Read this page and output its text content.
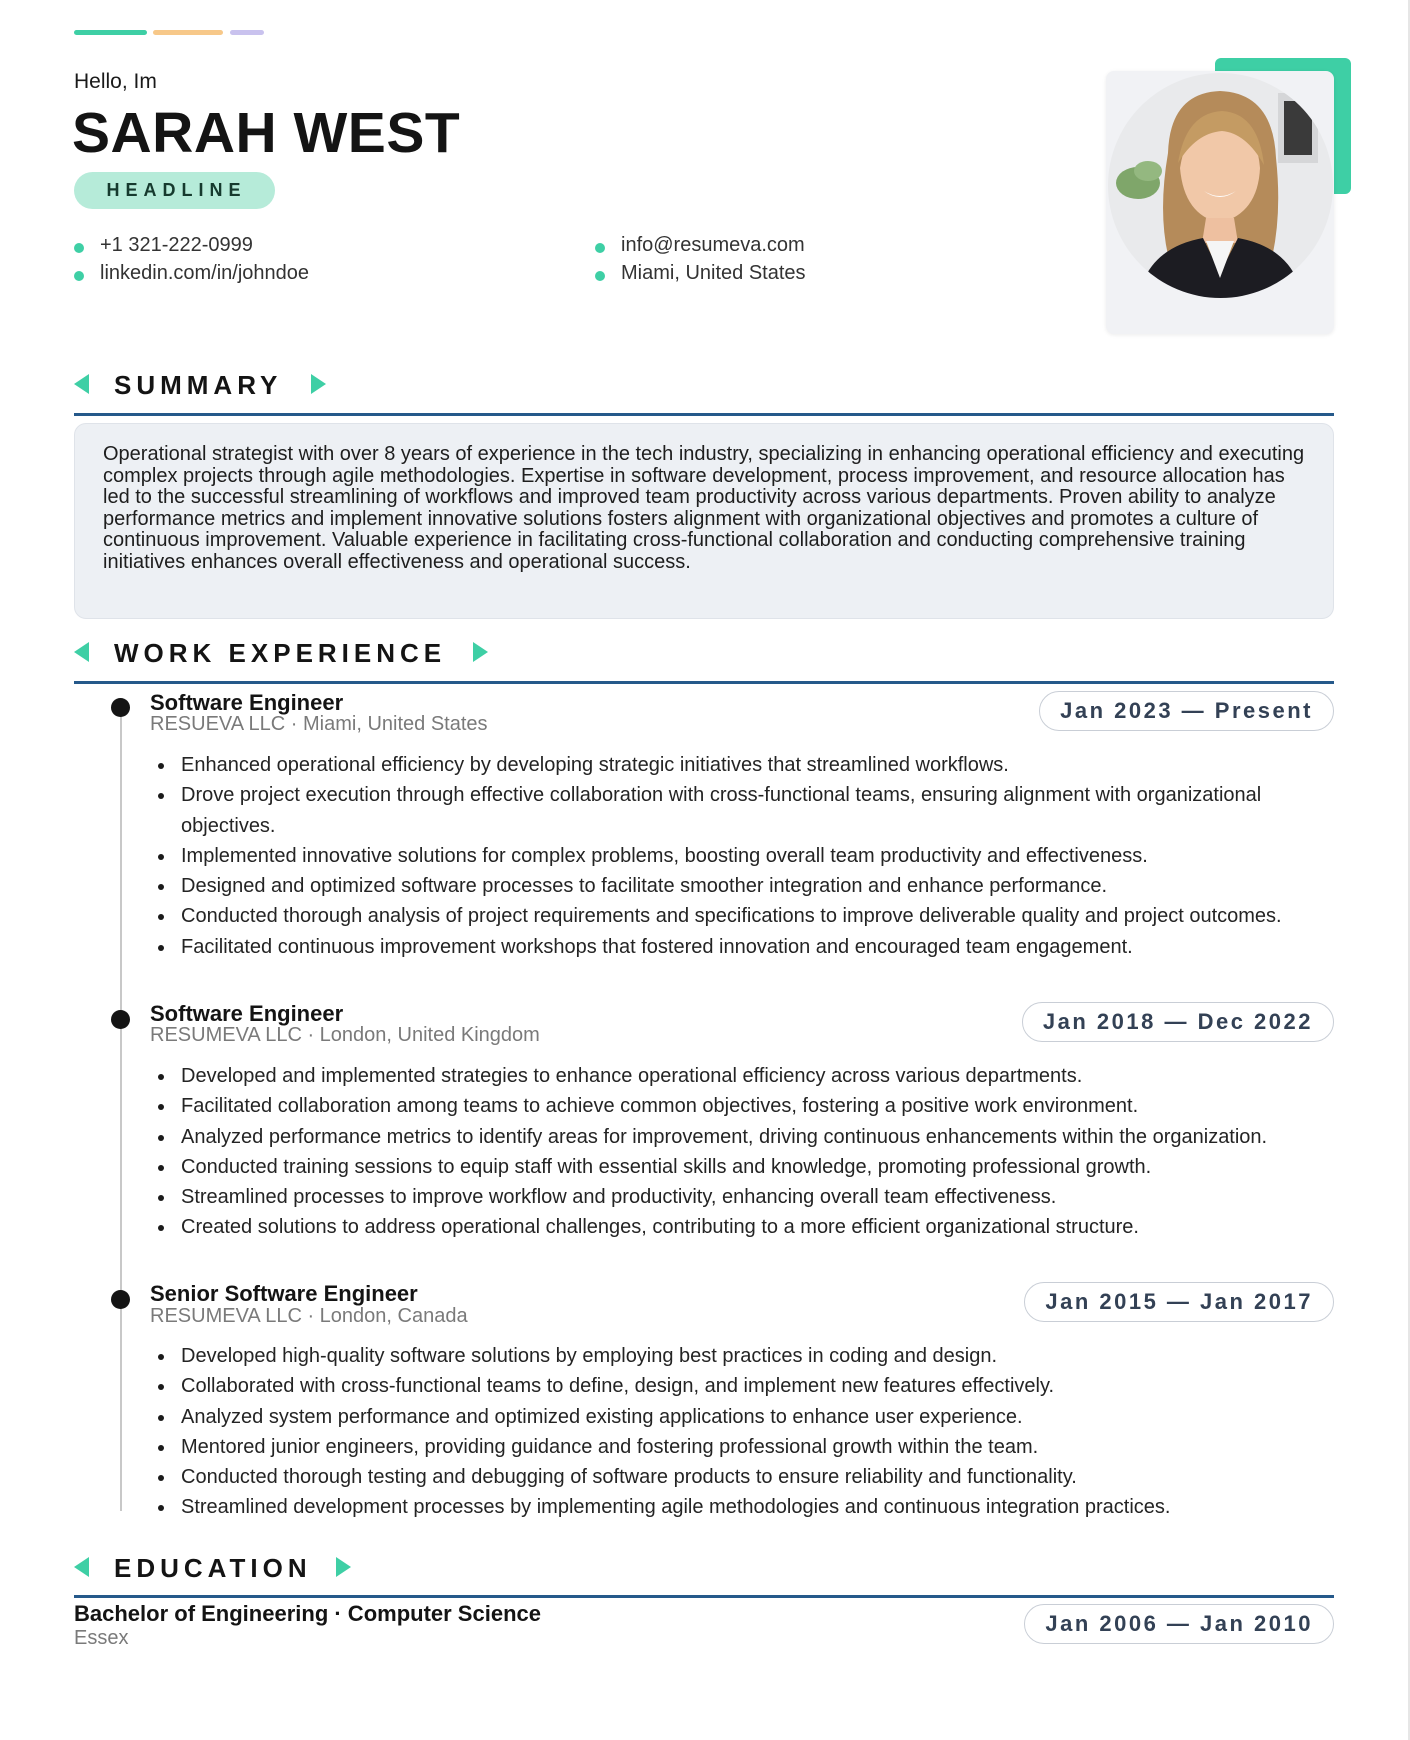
Hello, Im
SARAH WEST
HEADLINE
+1 321-222-0999
linkedin.com/in/johndoe
info@resumeva.com
Miami, United States
SUMMARY
Operational strategist with over 8 years of experience in the tech industry, specializing in enhancing operational efficiency and executing complex projects through agile methodologies. Expertise in software development, process improvement, and resource allocation has led to the successful streamlining of workflows and improved team productivity across various departments. Proven ability to analyze performance metrics and implement innovative solutions fosters alignment with organizational objectives and promotes a culture of continuous improvement. Valuable experience in facilitating cross-functional collaboration and conducting comprehensive training initiatives enhances overall effectiveness and operational success.
WORK EXPERIENCE
Software Engineer
RESUEVA LLC · Miami, United States
Jan 2023 — Present
Enhanced operational efficiency by developing strategic initiatives that streamlined workflows.
Drove project execution through effective collaboration with cross-functional teams, ensuring alignment with organizational objectives.
Implemented innovative solutions for complex problems, boosting overall team productivity and effectiveness.
Designed and optimized software processes to facilitate smoother integration and enhance performance.
Conducted thorough analysis of project requirements and specifications to improve deliverable quality and project outcomes.
Facilitated continuous improvement workshops that fostered innovation and encouraged team engagement.
Software Engineer
RESUMEVA LLC · London, United Kingdom
Jan 2018 — Dec 2022
Developed and implemented strategies to enhance operational efficiency across various departments.
Facilitated collaboration among teams to achieve common objectives, fostering a positive work environment.
Analyzed performance metrics to identify areas for improvement, driving continuous enhancements within the organization.
Conducted training sessions to equip staff with essential skills and knowledge, promoting professional growth.
Streamlined processes to improve workflow and productivity, enhancing overall team effectiveness.
Created solutions to address operational challenges, contributing to a more efficient organizational structure.
Senior Software Engineer
RESUMEVA LLC · London, Canada
Jan 2015 — Jan 2017
Developed high-quality software solutions by employing best practices in coding and design.
Collaborated with cross-functional teams to define, design, and implement new features effectively.
Analyzed system performance and optimized existing applications to enhance user experience.
Mentored junior engineers, providing guidance and fostering professional growth within the team.
Conducted thorough testing and debugging of software products to ensure reliability and functionality.
Streamlined development processes by implementing agile methodologies and continuous integration practices.
EDUCATION
Bachelor of Engineering · Computer Science
Essex
Jan 2006 — Jan 2010
